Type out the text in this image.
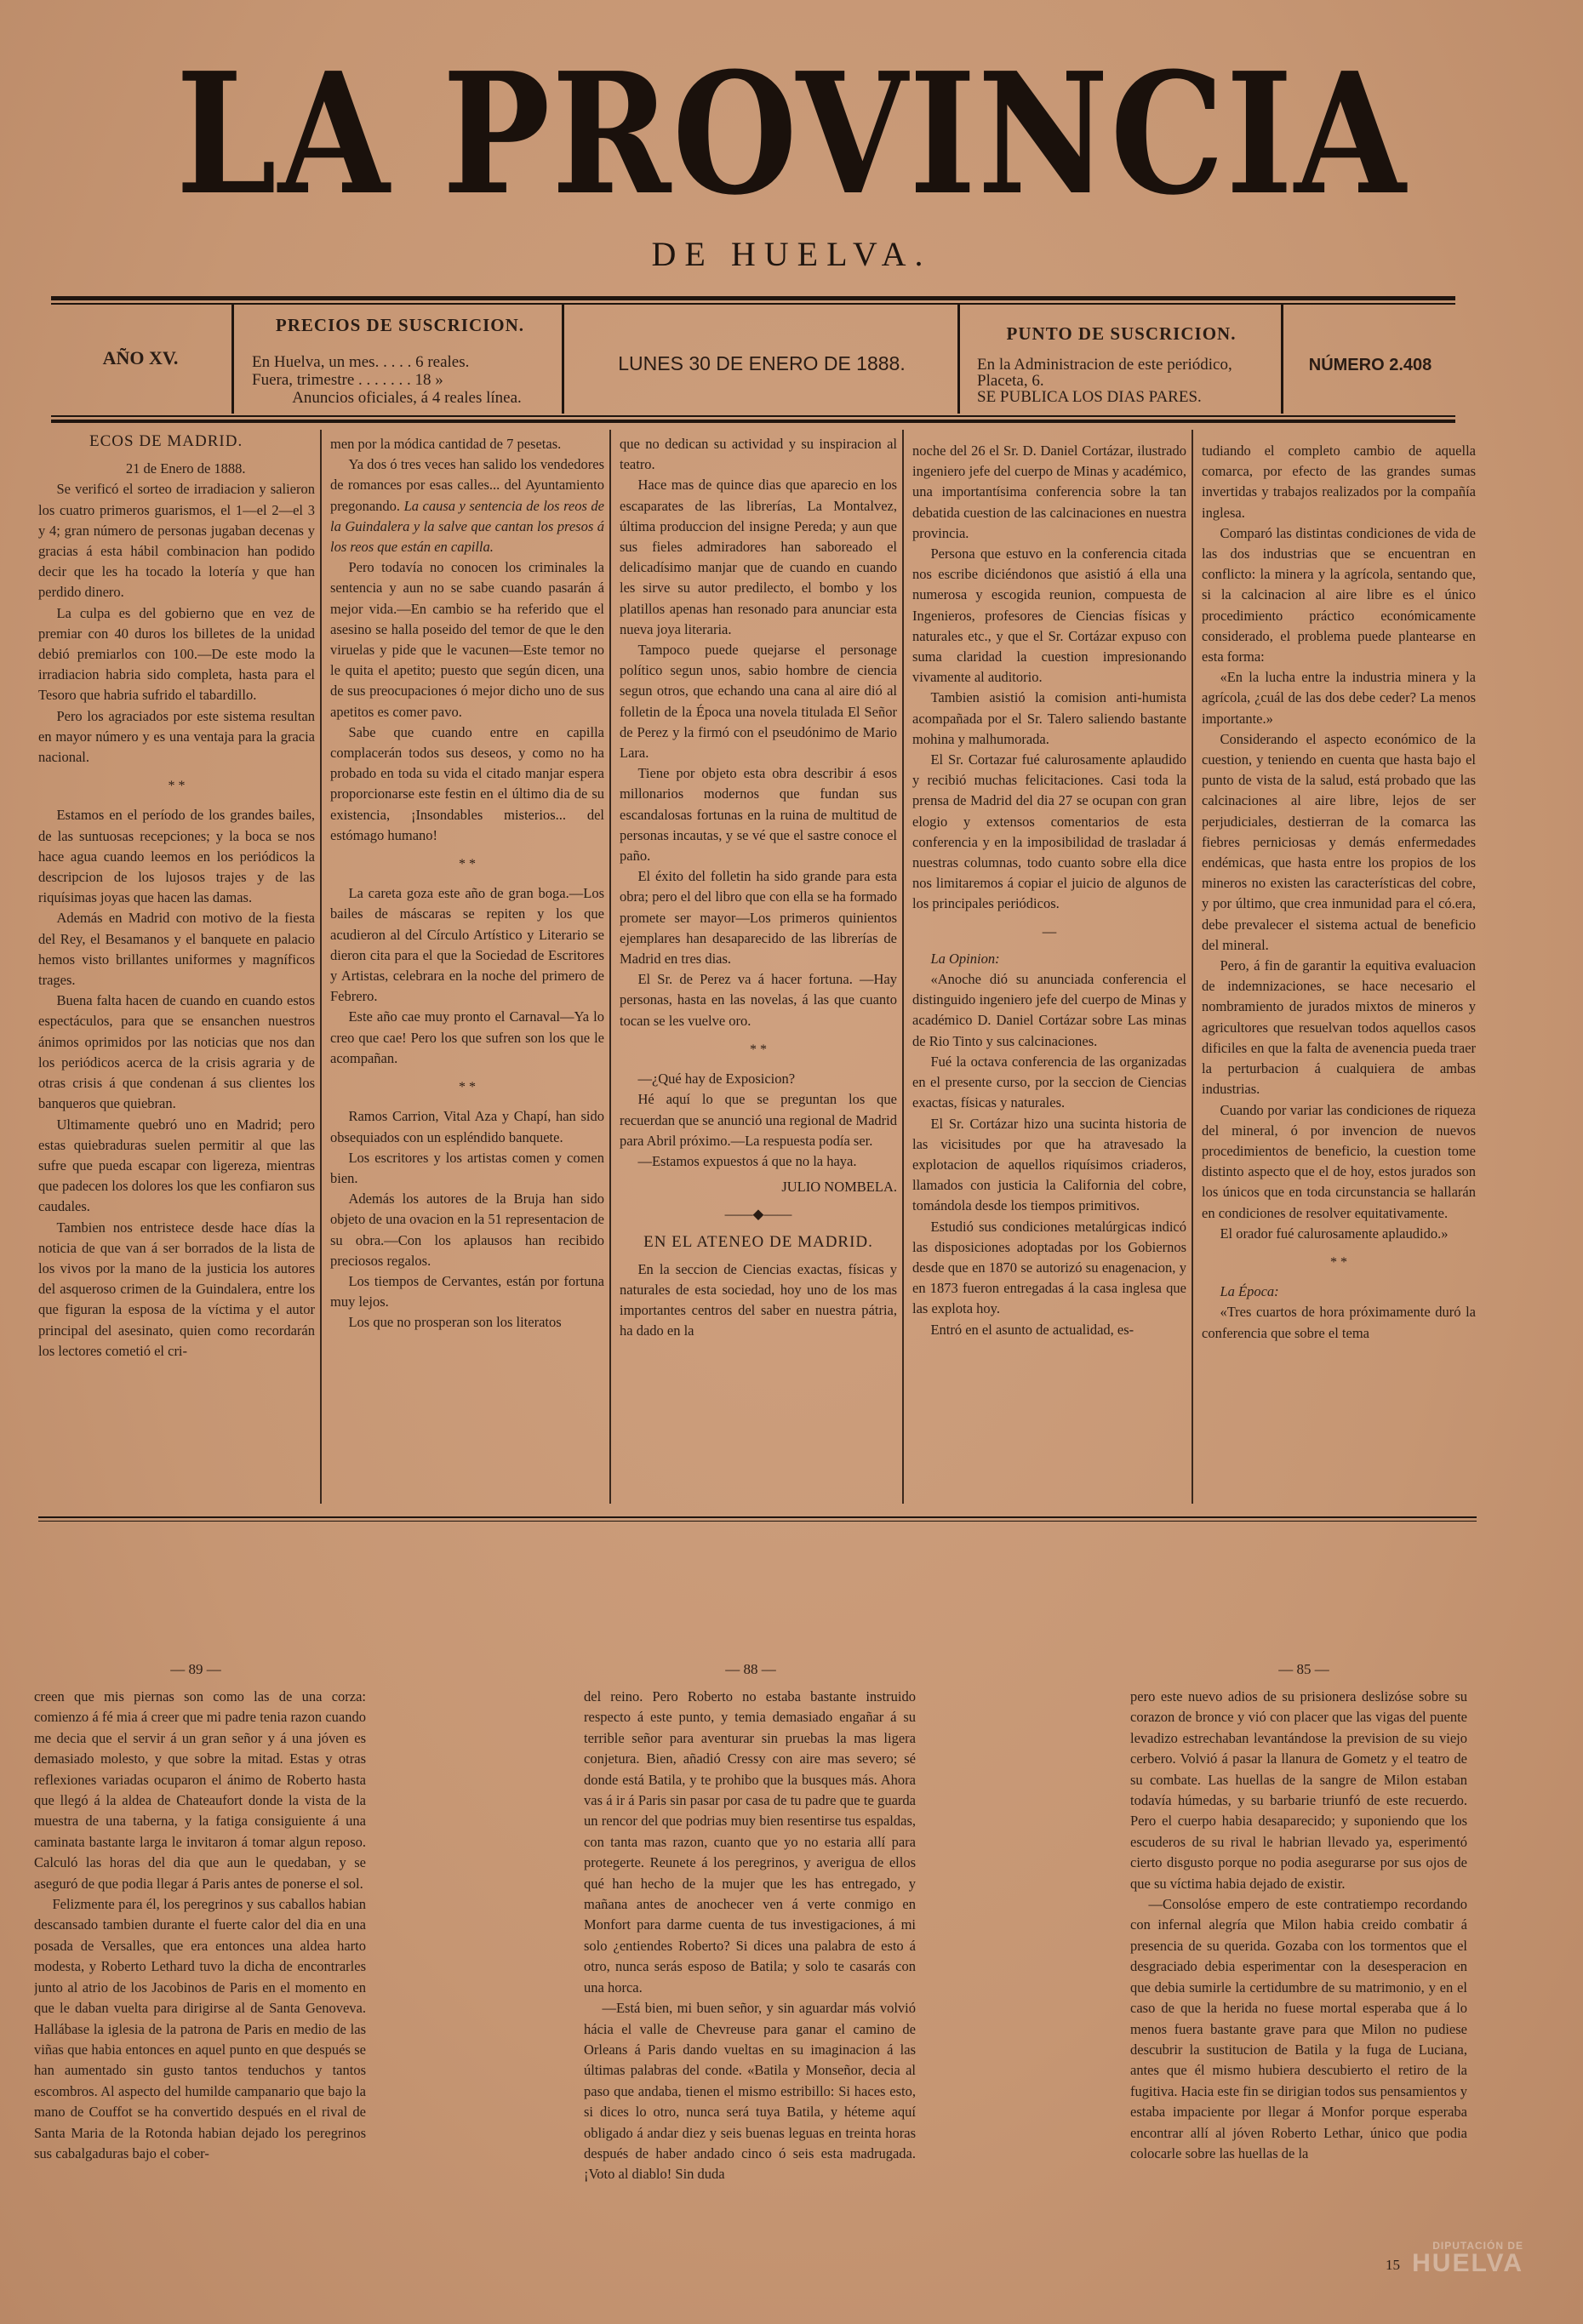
LA PROVINCIA
DE HUELVA.
AÑO XV.
PRECIOS DE SUSCRICION.
En Huelva, un mes. . . . . 6 reales.
Fuera, trimestre . . . . . . . 18 »
Anuncios oficiales, á 4 reales línea.
LUNES 30 DE ENERO DE 1888.
PUNTO DE SUSCRICION.
En la Administracion de este periódico,
Placeta, 6.
SE PUBLICA LOS DIAS PARES.
NÚMERO 2.408
ECOS DE MADRID.

21 de Enero de 1888.

Se verificó el sorteo de irradiacion y salieron los cuatro primeros guarismos, el 1—el 2—el 3 y 4; gran número de personas jugaban decenas y gracias á esta hábil combinacion han podido decir que les ha tocado la lotería y que han perdido dinero.

La culpa es del gobierno que en vez de premiar con 40 duros los billetes de la unidad debió premiarlos con 100.—De este modo la irradiacion habria sido completa, hasta para el Tesoro que habria sufrido el tabardillo.

Pero los agraciados por este sistema resultan en mayor número y es una ventaja para la gracia nacional.

* *

Estamos en el período de los grandes bailes, de las suntuosas recepciones; y la boca se nos hace agua cuando leemos en los periódicos la descripcion de los lujosos trajes y de las riquísimas joyas que hacen las damas.

Además en Madrid con motivo de la fiesta del Rey, el Besamanos y el banquete en palacio hemos visto brillantes uniformes y magníficos trages.

Buena falta hacen de cuando en cuando estos espectáculos, para que se ensanchen nuestros ánimos oprimidos por las noticias que nos dan los periódicos acerca de la crisis agraria y de otras crisis á que condenan á sus clientes los banqueros que quiebran.

Ultimamente quebró uno en Madrid; pero estas quiebraduras suelen permitir al que las sufre que pueda escapar con ligereza, mientras que padecen los dolores los que les confiaron sus caudales.

Tambien nos entristece desde hace días la noticia de que van á ser borrados de la lista de los vivos por la mano de la justicia los autores del asqueroso crimen de la Guindalera, entre los que figuran la esposa de la víctima y el autor principal del asesinato, quien como recordarán los lectores cometió el cri-

men por la módica cantidad de 7 pesetas.

Ya dos ó tres veces han salido los vendedores de romances por esas calles... del Ayuntamiento pregonando. La causa y sentencia de los reos de la Guindalera y la salve que cantan los presos á los reos que están en capilla.

Pero todavía no conocen los criminales la sentencia y aun no se sabe cuando pasarán á mejor vida.—En cambio se ha referido que el asesino se halla poseido del temor de que le den viruelas y pide que le vacunen—Este temor no le quita el apetito; puesto que según dicen, una de sus preocupaciones ó mejor dicho uno de sus apetitos es comer pavo.

Sabe que cuando entre en capilla complacerán todos sus deseos, y como no ha probado en toda su vida el citado manjar espera proporcionarse este festin en el último dia de su existencia, ¡Insondables misterios... del estómago humano!

* *

La careta goza este año de gran boga.—Los bailes de máscaras se repiten y los que acudieron al del Círculo Artístico y Literario se dieron cita para el que la Sociedad de Escritores y Artistas, celebrara en la noche del primero de Febrero.

Este año cae muy pronto el Carnaval—Ya lo creo que cae! Pero los que sufren son los que le acompañan.

* *

Ramos Carrion, Vital Aza y Chapí, han sido obsequiados con un espléndido banquete.

Los escritores y los artistas comen y comen bien.

Además los autores de la Bruja han sido objeto de una ovacion en la 51 representacion de su obra.—Con los aplausos han recibido preciosos regalos.

Los tiempos de Cervantes, están por fortuna muy lejos.

Los que no prosperan son los literatos

que no dedican su actividad y su inspiracion al teatro.

Hace mas de quince dias que aparecio en los escaparates de las librerías, La Montalvez, última produccion del insigne Pereda; y aun que sus fieles admiradores han saboreado el delicadísimo manjar que de cuando en cuando les sirve su autor predilecto, el bombo y los platillos apenas han resonado para anunciar esta nueva joya literaria.

Tampoco puede quejarse el personage político segun unos, sabio hombre de ciencia segun otros, que echando una cana al aire dió al folletin de la Época una novela titulada El Señor de Perez y la firmó con el pseudónimo de Mario Lara.

Tiene por objeto esta obra describir á esos millonarios modernos que fundan sus escandalosas fortunas en la ruina de multitud de personas incautas, y se vé que el sastre conoce el paño.

El éxito del folletin ha sido grande para esta obra; pero el del libro que con ella se ha formado promete ser mayor—Los primeros quinientos ejemplares han desaparecido de las librerías de Madrid en tres dias.

El Sr. de Perez va á hacer fortuna. —Hay personas, hasta en las novelas, á las que cuanto tocan se les vuelve oro.

* *

—¿Qué hay de Exposicion?

Hé aquí lo que se preguntan los que recuerdan que se anunció una regional de Madrid para Abril próximo.—La respuesta podía ser.

—Estamos expuestos á que no la haya.

JULIO NOMBELA.

——◆——

EN EL ATENEO DE MADRID.

En la seccion de Ciencias exactas, físicas y naturales de esta sociedad, hoy uno de los mas importantes centros del saber en nuestra pátria, ha dado en la

noche del 26 el Sr. D. Daniel Cortázar, ilustrado ingeniero jefe del cuerpo de Minas y académico, una importantísima conferencia sobre la tan debatida cuestion de las calcinaciones en nuestra provincia.

Persona que estuvo en la conferencia citada nos escribe diciéndonos que asistió á ella una numerosa y escogida reunion, compuesta de Ingenieros, profesores de Ciencias físicas y naturales etc., y que el Sr. Cortázar expuso con suma claridad la cuestion impresionando vivamente al auditorio.

Tambien asistió la comision anti-humista acompañada por el Sr. Talero saliendo bastante mohina y malhumorada.

El Sr. Cortazar fué calurosamente aplaudido y recibió muchas felicitaciones. Casi toda la prensa de Madrid del dia 27 se ocupan con gran elogio y extensos comentarios de esta conferencia y en la imposibilidad de trasladar á nuestras columnas, todo cuanto sobre ella dice nos limitaremos á copiar el juicio de algunos de los principales periódicos.

—

La Opinion:

«Anoche dió su anunciada conferencia el distinguido ingeniero jefe del cuerpo de Minas y académico D. Daniel Cortázar sobre Las minas de Rio Tinto y sus calcinaciones.

Fué la octava conferencia de las organizadas en el presente curso, por la seccion de Ciencias exactas, físicas y naturales.

El Sr. Cortázar hizo una sucinta historia de las vicisitudes por que ha atravesado la explotacion de aquellos riquísimos criaderos, llamados con justicia la California del cobre, tomándola desde los tiempos primitivos.

Estudió sus condiciones metalúrgicas indicó las disposiciones adoptadas por los Gobiernos desde que en 1870 se autorizó su enagenacion, y en 1873 fueron entregadas á la casa inglesa que las explota hoy.

Entró en el asunto de actualidad, es-

tudiando el completo cambio de aquella comarca, por efecto de las grandes sumas invertidas y trabajos realizados por la compañía inglesa.

Comparó las distintas condiciones de vida de las dos industrias que se encuentran en conflicto: la minera y la agrícola, sentando que, si la calcinacion al aire libre es el único procedimiento práctico económicamente considerado, el problema puede plantearse en esta forma:

«En la lucha entre la industria minera y la agrícola, ¿cuál de las dos debe ceder? La menos importante.»

Considerando el aspecto económico de la cuestion, y teniendo en cuenta que hasta bajo el punto de vista de la salud, está probado que las calcinaciones al aire libre, lejos de ser perjudiciales, destierran de la comarca las fiebres perniciosas y demás enfermedades endémicas, que hasta entre los propios de los mineros no existen las características del cobre, y por último, que crea inmunidad para el có.era, debe prevalecer el sistema actual de beneficio del mineral.

Pero, á fin de garantir la equitiva evaluacion de indemnizaciones, se hace necesario el nombramiento de jurados mixtos de mineros y agricultores que resuelvan todos aquellos casos dificiles en que la falta de avenencia pueda traer la perturbacion á cualquiera de ambas industrias.

Cuando por variar las condiciones de riqueza del mineral, ó por invencion de nuevos procedimientos de beneficio, la cuestion tome distinto aspecto que el de hoy, estos jurados son los únicos que en toda circunstancia se hallarán en condiciones de resolver equitativamente.

El orador fué calurosamente aplaudido.»

* *

La Época:

«Tres cuartos de hora próximamente duró la conferencia que sobre el tema

— 89 —	— 88 —	— 85 —

creen que mis piernas son como las de una corza: comienzo á fé mia á creer que mi padre tenia razon cuando me decia que el servir á un gran señor y á una jóven es demasiado molesto, y que sobre la mitad. Estas y otras reflexiones variadas ocuparon el ánimo de Roberto hasta que llegó á la aldea de Chateaufort donde la vista de la muestra de una taberna, y la fatiga consiguiente á una caminata bastante larga le invitaron á tomar algun reposo. Calculó las horas del dia que aun le quedaban, y se aseguró de que podia llegar á Paris antes de ponerse el sol.

Felizmente para él, los peregrinos y sus caballos habian descansado tambien durante el fuerte calor del dia en una posada de Versalles, que era entonces una aldea harto modesta, y Roberto Lethard tuvo la dicha de encontrarles junto al atrio de los Jacobinos de Paris en el momento en que le daban vuelta para dirigirse al de Santa Genoveva. Hallábase la iglesia de la patrona de Paris en medio de las viñas que habia entonces en aquel punto en que después se han aumentado sin gusto tantos tenduchos y tantos escombros. Al aspecto del humilde campanario que bajo la mano de Couffot se ha convertido después en el rival de Santa Maria de la Rotonda habian dejado los peregrinos sus cabalgaduras bajo el cober-

del reino. Pero Roberto no estaba bastante instruido respecto á este punto, y temia demasiado engañar á su terrible señor para aventurar sin pruebas la mas ligera conjetura. Bien, añadió Cressy con aire mas severo; sé donde está Batila, y te prohibo que la busques más. Ahora vas á ir á Paris sin pasar por casa de tu padre que te guarda un rencor del que podrias muy bien resentirse tus espaldas, con tanta mas razon, cuanto que yo no estaria allí para protegerte. Reunete á los peregrinos, y averigua de ellos qué han hecho de la mujer que les has entregado, y mañana antes de anochecer ven á verte conmigo en Monfort para darme cuenta de tus investigaciones, á mi solo ¿entiendes Roberto? Si dices una palabra de esto á otro, nunca serás esposo de Batila; y solo te casarás con una horca.

—Está bien, mi buen señor, y sin aguardar más volvió hácia el valle de Chevreuse para ganar el camino de Orleans á Paris dando vueltas en su imaginacion á las últimas palabras del conde. «Batila y Monseñor, decia al paso que andaba, tienen el mismo estribillo: Si haces esto, si dices lo otro, nunca será tuya Batila, y héteme aquí obligado á andar diez y seis buenas leguas en treinta horas después de haber andado cinco ó seis esta madrugada. ¡Voto al diablo! Sin duda

pero este nuevo adios de su prisionera deslizóse sobre su corazon de bronce y vió con placer que las vigas del puente levadizo estrechaban levantándose la prevision de su viejo cerbero. Volvió á pasar la llanura de Gometz y el teatro de su combate. Las huellas de la sangre de Milon estaban todavía húmedas, y su barbarie triunfó de este recuerdo. Pero el cuerpo habia desaparecido; y suponiendo que los escuderos de su rival le habrian llevado ya, esperimentó cierto disgusto porque no podia asegurarse por sus ojos de que su víctima habia dejado de existir.

—Consolóse empero de este contratiempo recordando con infernal alegría que Milon habia creido combatir á presencia de su querida. Gozaba con los tormentos que el desgraciado debia esperimentar con la desesperacion en que debia sumirle la certidumbre de su matrimonio, y en el caso de que la herida no fuese mortal esperaba que á lo menos fuera bastante grave para que Milon no pudiese descubrir la sustitucion de Batila y la fuga de Luciana, antes que él mismo hubiera descubierto el retiro de la fugitiva. Hacia este fin se dirigian todos sus pensamientos y estaba impaciente por llegar á Monfor porque esperaba encontrar allí al jóven Roberto Lethar, único que podia colocarle sobre las huellas de la

15
DIPUTACIÓN DE
HUELVA
